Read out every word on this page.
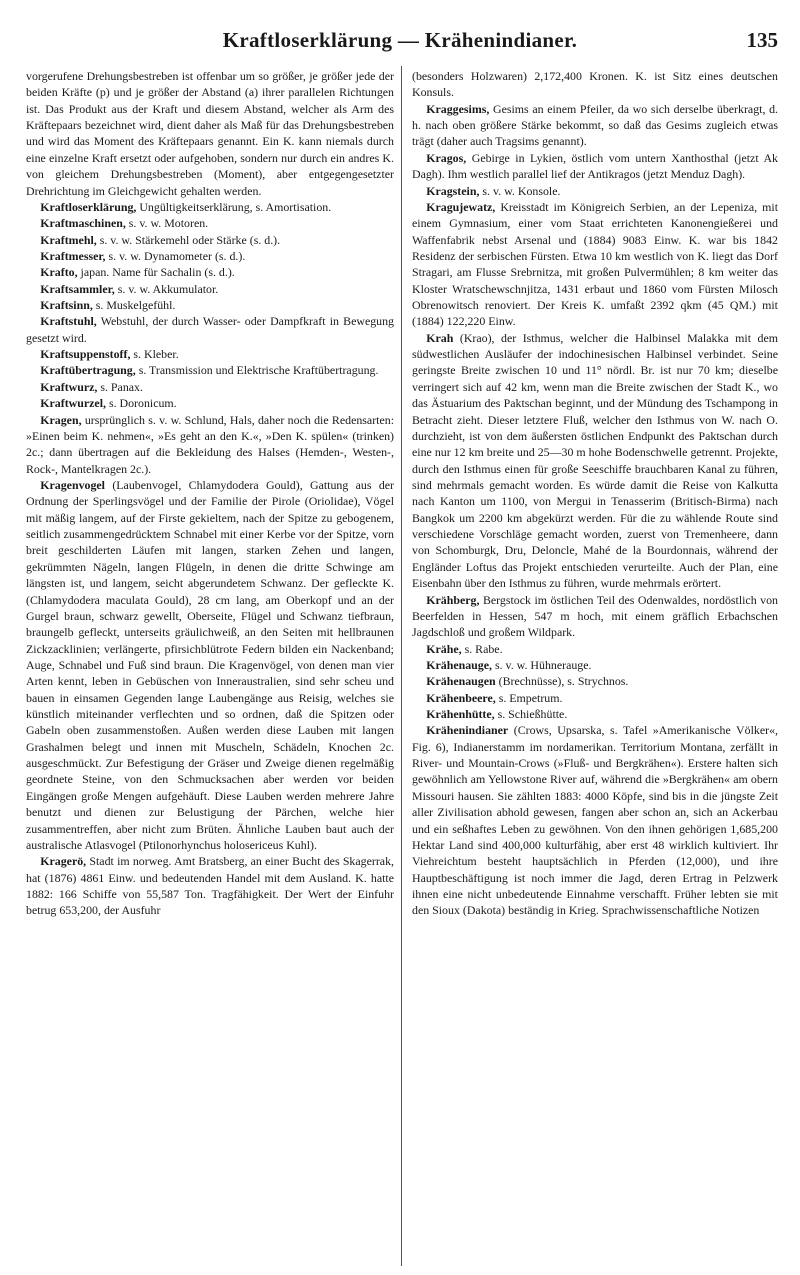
Kraftloserklärung — Krähenindianer.	135

vorgerufene Drehungsbestreben ist offenbar um so größer, je größer jede der beiden Kräfte (p) und je größer der Abstand (a) ihrer parallelen Richtungen ist. Das Produkt aus der Kraft und diesem Abstand, welcher als Arm des Kräftepaars bezeichnet wird, dient daher als Maß für das Drehungsbestreben und wird das Moment des Kräftepaars genannt. Ein K. kann niemals durch eine einzelne Kraft ersetzt oder aufgehoben, sondern nur durch ein andres K. von gleichem Drehungsbestreben (Moment), aber entgegengesetzter Drehrichtung im Gleichgewicht gehalten werden.

Kraftloserklärung, Ungültigkeitserklärung, s. Amortisation.

Kraftmaschinen, s. v. w. Motoren.

Kraftmehl, s. v. w. Stärkemehl oder Stärke (s. d.).

Kraftmesser, s. v. w. Dynamometer (s. d.).

Krafto, japan. Name für Sachalin (s. d.).

Kraftsammler, s. v. w. Akkumulator.

Kraftsinn, s. Muskelgefühl.

Kraftstuhl, Webstuhl, der durch Wasser- oder Dampfkraft in Bewegung gesetzt wird.

Kraftsuppenstoff, s. Kleber.

Kraftübertragung, s. Transmission und Elektrische Kraftübertragung.

Kraftwurz, s. Panax.

Kraftwurzel, s. Doronicum.

Kragen, ursprünglich s. v. w. Schlund, Hals, daher noch die Redensarten: »Einen beim K. nehmen«, »Es geht an den K.«, »Den K. spülen« (trinken) 2c.; dann übertragen auf die Bekleidung des Halses (Hemden-, Westen-, Rock-, Mantelkragen 2c.).

Kragenvogel (Laubenvogel, Chlamydodera Gould), Gattung aus der Ordnung der Sperlingsvögel und der Familie der Pirole (Oriolidae), Vögel mit mäßig langem, auf der Firste gekieltem, nach der Spitze zu gebogenem, seitlich zusammengedrücktem Schnabel mit einer Kerbe vor der Spitze, vorn breit geschilderten Läufen mit langen, starken Zehen und langen, gekrümmten Nägeln, langen Flügeln, in denen die dritte Schwinge am längsten ist, und langem, seicht abgerundetem Schwanz. Der gefleckte K. (Chlamydodera maculata Gould), 28 cm lang, am Oberkopf und an der Gurgel braun, schwarz gewellt, Oberseite, Flügel und Schwanz tiefbraun, braungelb gefleckt, unterseits gräulichweiß, an den Seiten mit hellbraunen Zickzacklinien; verlängerte, pfirsichblütrote Federn bilden ein Nackenband; Auge, Schnabel und Fuß sind braun. Die Kragenvögel, von denen man vier Arten kennt, leben in Gebüschen von Inneraustralien, sind sehr scheu und bauen in einsamen Gegenden lange Laubengänge aus Reisig, welches sie künstlich miteinander verflechten und so ordnen, daß die Spitzen oder Gabeln oben zusammenstoßen. Außen werden diese Lauben mit langen Grashalmen belegt und innen mit Muscheln, Schädeln, Knochen 2c. ausgeschmückt. Zur Befestigung der Gräser und Zweige dienen regelmäßig geordnete Steine, von den Schmucksachen aber werden vor beiden Eingängen große Mengen aufgehäuft. Diese Lauben werden mehrere Jahre benutzt und dienen zur Belustigung der Pärchen, welche hier zusammentreffen, aber nicht zum Brüten. Ähnliche Lauben baut auch der australische Atlasvogel (Ptilonorhynchus holosericeus Kuhl).

Kragerö, Stadt im norweg. Amt Bratsberg, an einer Bucht des Skagerrak, hat (1876) 4861 Einw. und bedeutenden Handel mit dem Ausland. K. hatte 1882: 166 Schiffe von 55,587 Ton. Tragfähigkeit. Der Wert der Einfuhr betrug 653,200, der Ausfuhr

(besonders Holzwaren) 2,172,400 Kronen. K. ist Sitz eines deutschen Konsuls.

Kraggesims, Gesims an einem Pfeiler, da wo sich derselbe überkragt, d. h. nach oben größere Stärke bekommt, so daß das Gesims zugleich etwas trägt (daher auch Tragsims genannt).

Kragos, Gebirge in Lykien, östlich vom untern Xanthosthal (jetzt Ak Dagh). Ihm westlich parallel lief der Antikragos (jetzt Menduz Dagh).

Kragstein, s. v. w. Konsole.

Kragujewatz, Kreisstadt im Königreich Serbien, an der Lepeniza, mit einem Gymnasium, einer vom Staat errichteten Kanonengießerei und Waffenfabrik nebst Arsenal und (1884) 9083 Einw. K. war bis 1842 Residenz der serbischen Fürsten. Etwa 10 km westlich von K. liegt das Dorf Stragari, am Flusse Srebrnitza, mit großen Pulvermühlen; 8 km weiter das Kloster Wratschewschnjitza, 1431 erbaut und 1860 vom Fürsten Milosch Obrenowitsch renoviert. Der Kreis K. umfaßt 2392 qkm (45 QM.) mit (1884) 122,220 Einw.

Krah (Krao), der Isthmus, welcher die Halbinsel Malakka mit dem südwestlichen Ausläufer der indochinesischen Halbinsel verbindet. Seine geringste Breite zwischen 10 und 11° nördl. Br. ist nur 70 km; dieselbe verringert sich auf 42 km, wenn man die Breite zwischen der Stadt K., wo das Ästuarium des Paktschan beginnt, und der Mündung des Tschampong in Betracht zieht. Dieser letztere Fluß, welcher den Isthmus von W. nach O. durchzieht, ist von dem äußersten östlichen Endpunkt des Paktschan durch eine nur 12 km breite und 25—30 m hohe Bodenschwelle getrennt. Projekte, durch den Isthmus einen für große Seeschiffe brauchbaren Kanal zu führen, sind mehrmals gemacht worden. Es würde damit die Reise von Kalkutta nach Kanton um 1100, von Mergui in Tenasserim (Britisch-Birma) nach Bangkok um 2200 km abgekürzt werden. Für die zu wählende Route sind verschiedene Vorschläge gemacht worden, zuerst von Tremenheere, dann von Schomburgk, Dru, Deloncle, Mahé de la Bourdonnais, während der Engländer Loftus das Projekt entschieden verurteilte. Auch der Plan, eine Eisenbahn über den Isthmus zu führen, wurde mehrmals erörtert.

Krähberg, Bergstock im östlichen Teil des Odenwaldes, nordöstlich von Beerfelden in Hessen, 547 m hoch, mit einem gräflich Erbachschen Jagdschloß und großem Wildpark.

Krähe, s. Rabe.

Krähenauge, s. v. w. Hühnerauge.

Krähenaugen (Brechnüsse), s. Strychnos.

Krähenbeere, s. Empetrum.

Krähenhütte, s. Schießhütte.

Krähenindianer (Crows, Upsarska, s. Tafel »Amerikanische Völker«, Fig. 6), Indianerstamm im nordamerikan. Territorium Montana, zerfällt in River- und Mountain-Crows (»Fluß- und Bergkrähen«). Erstere halten sich gewöhnlich am Yellowstone River auf, während die »Bergkrähen« am obern Missouri hausen. Sie zählten 1883: 4000 Köpfe, sind bis in die jüngste Zeit aller Zivilisation abhold gewesen, fangen aber schon an, sich an Ackerbau und ein seßhaftes Leben zu gewöhnen. Von den ihnen gehörigen 1,685,200 Hektar Land sind 400,000 kulturfähig, aber erst 48 wirklich kultiviert. Ihr Viehreichtum besteht hauptsächlich in Pferden (12,000), und ihre Hauptbeschäftigung ist noch immer die Jagd, deren Ertrag in Pelzwerk ihnen eine nicht unbedeutende Einnahme verschafft. Früher lebten sie mit den Sioux (Dakota) beständig in Krieg. Sprachwissenschaftliche Notizen
